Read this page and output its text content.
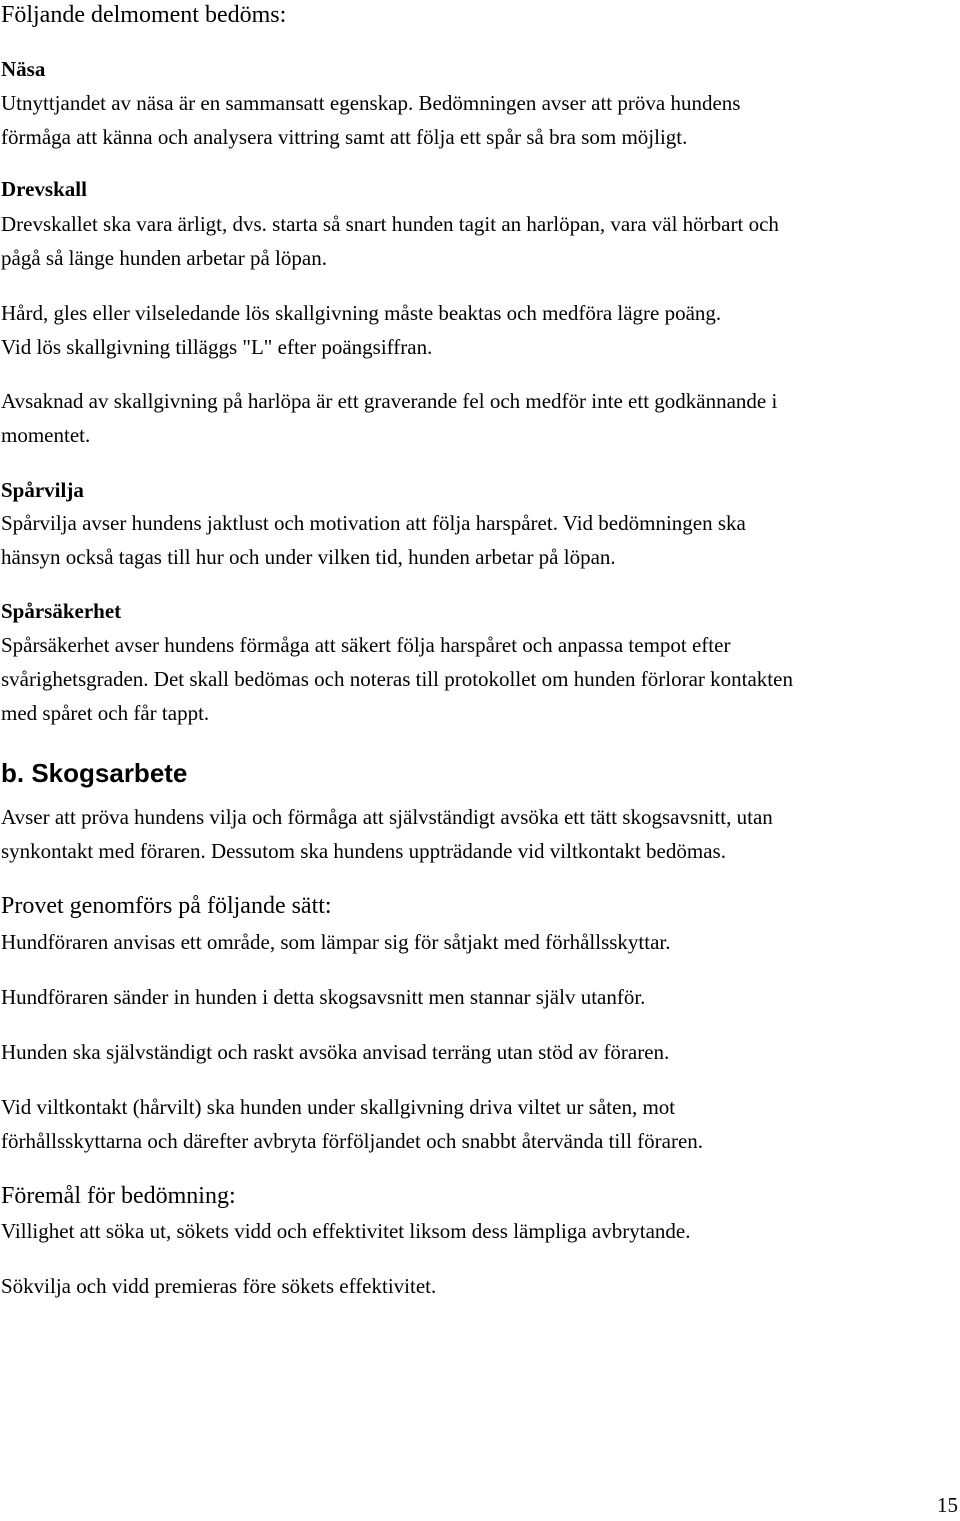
Följande delmoment bedöms:

Näsa

Utnyttjandet av näsa är en sammansatt egenskap. Bedömningen avser att pröva hundens
förmåga att känna och analysera vittring samt att följa ett spår så bra som möjligt.

Drevskall

Drevskallet ska vara ärligt, dvs. starta så snart hunden tagit an harlöpan, vara väl hörbart och
pågå så länge hunden arbetar på löpan.

Hård, gles eller vilseledande lös skallgivning måste beaktas och medföra lägre poäng.
Vid lös skallgivning tilläggs "L" efter poängsiffran.

Avsaknad av skallgivning på harlöpa är ett graverande fel och medför inte ett godkännande i
momentet.

Spårvilja

Spårvilja avser hundens jaktlust och motivation att följa harspåret. Vid bedömningen ska
hänsyn också tagas till hur och under vilken tid, hunden arbetar på löpan.

Spårsäkerhet

Spårsäkerhet avser hundens förmåga att säkert följa harspåret och anpassa tempot efter
svårighetsgraden. Det skall bedömas och noteras till protokollet om hunden förlorar kontakten
med spåret och får tappt.

b. Skogsarbete

Avser att pröva hundens vilja och förmåga att självständigt avsöka ett tätt skogsavsnitt, utan
synkontakt med föraren. Dessutom ska hundens uppträdande vid viltkontakt bedömas.

Provet genomförs på följande sätt:

Hundföraren anvisas ett område, som lämpar sig för såtjakt med förhållsskyttar.

Hundföraren sänder in hunden i detta skogsavsnitt men stannar själv utanför.

Hunden ska självständigt och raskt avsöka anvisad terräng utan stöd av föraren.

Vid viltkontakt (hårvilt) ska hunden under skallgivning driva viltet ur såten, mot
förhållsskyttarna och därefter avbryta förföljandet och snabbt återvända till föraren.

Föremål för bedömning:

Villighet att söka ut, sökets vidd och effektivitet liksom dess lämpliga avbrytande.

Sökvilja och vidd premieras före sökets effektivitet.

15
